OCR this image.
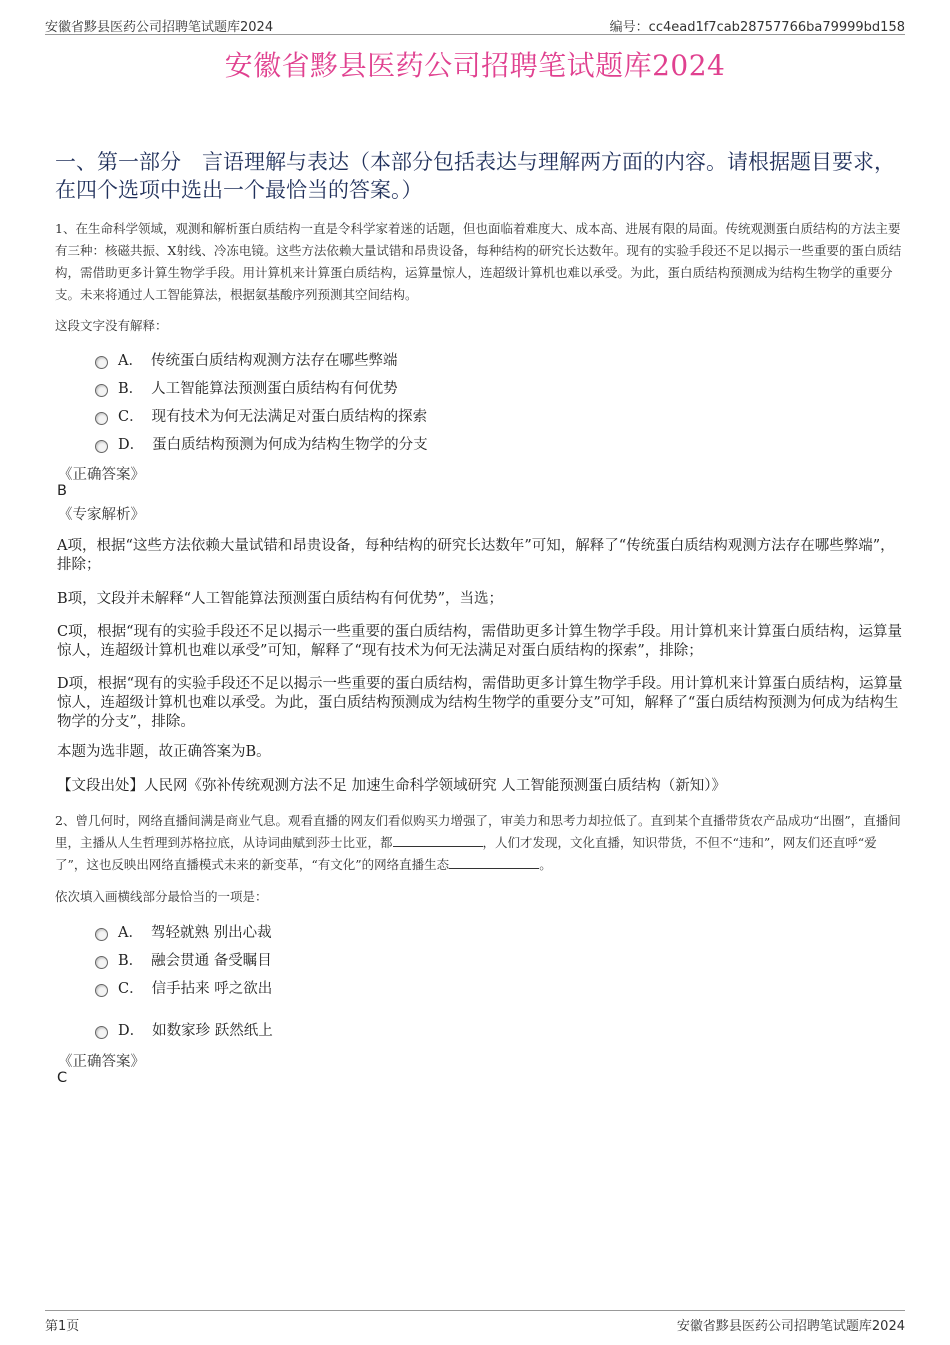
安徽省黟县医药公司招聘笔试题库2024	编号：cc4ead1f7cab28757766ba79999bd158
安徽省黟县医药公司招聘笔试题库2024
一、第一部分　言语理解与表达（本部分包括表达与理解两方面的内容。请根据题目要求，在四个选项中选出一个最恰当的答案。）
1、在生命科学领域，观测和解析蛋白质结构一直是令科学家着迷的话题，但也面临着难度大、成本高、进展有限的局面。传统观测蛋白质结构的方法主要有三种：核磁共振、X射线、冷冻电镜。这些方法依赖大量试错和昂贵设备，每种结构的研究长达数年。现有的实验手段还不足以揭示一些重要的蛋白质结构，需借助更多计算生物学手段。用计算机来计算蛋白质结构，运算量惊人，连超级计算机也难以承受。为此，蛋白质结构预测成为结构生物学的重要分支。未来将通过人工智能算法，根据氨基酸序列预测其空间结构。
这段文字没有解释：
A． 传统蛋白质结构观测方法存在哪些弊端
B． 人工智能算法预测蛋白质结构有何优势
C． 现有技术为何无法满足对蛋白质结构的探索
D． 蛋白质结构预测为何成为结构生物学的分支
《正确答案》
B
《专家解析》
A项，根据“这些方法依赖大量试错和昂贵设备，每种结构的研究长达数年”可知，解释了“传统蛋白质结构观测方法存在哪些弊端”，排除；
B项，文段并未解释“人工智能算法预测蛋白质结构有何优势”，当选；
C项，根据“现有的实验手段还不足以揭示一些重要的蛋白质结构，需借助更多计算生物学手段。用计算机来计算蛋白质结构，运算量惊人，连超级计算机也难以承受”可知，解释了“现有技术为何无法满足对蛋白质结构的探索”，排除；
D项，根据“现有的实验手段还不足以揭示一些重要的蛋白质结构，需借助更多计算生物学手段。用计算机来计算蛋白质结构，运算量惊人，连超级计算机也难以承受。为此，蛋白质结构预测成为结构生物学的重要分支”可知，解释了“蛋白质结构预测为何成为结构生物学的分支”，排除。
本题为选非题，故正确答案为B。
【文段出处】人民网《弥补传统观测方法不足 加速生命科学领域研究 人工智能预测蛋白质结构（新知）》
2、曾几何时，网络直播间满是商业气息。观看直播的网友们看似购买力增强了，审美力和思考力却拉低了。直到某个直播带货农产品成功“出圈”，直播间里，主播从人生哲理到苏格拉底，从诗词曲赋到莎士比亚，都	，人们才发现，文化直播，知识带货，不但不“违和”，网友们还直呼“爱了”，这也反映出网络直播模式未来的新变革，“有文化”的网络直播生态	。
依次填入画横线部分最恰当的一项是：
A． 驾轻就熟 别出心裁
B． 融会贯通 备受瞩目
C． 信手拈来 呼之欲出
D． 如数家珍 跃然纸上
《正确答案》
C
第1页	安徽省黟县医药公司招聘笔试题库2024
